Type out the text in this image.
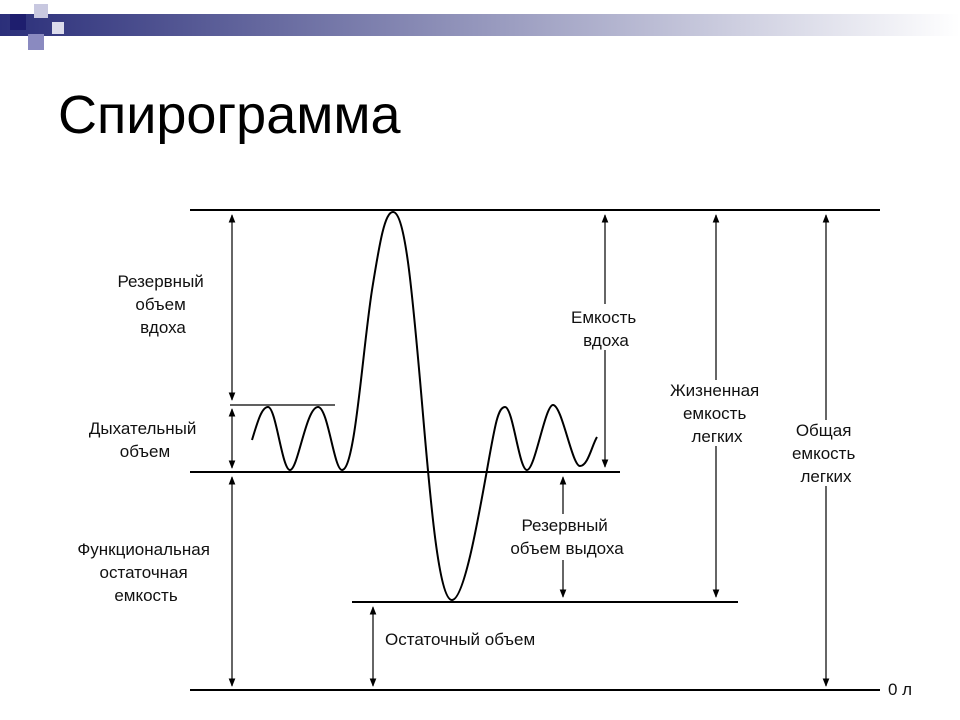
Спирограмма
Резервный объем вдоха
Дыхательный объем
Функциональная остаточная емкость
Емкость вдоха
Резервный объем выдоха
Остаточный объем
Жизненная емкость легких	Общая емкость легких
0 л
